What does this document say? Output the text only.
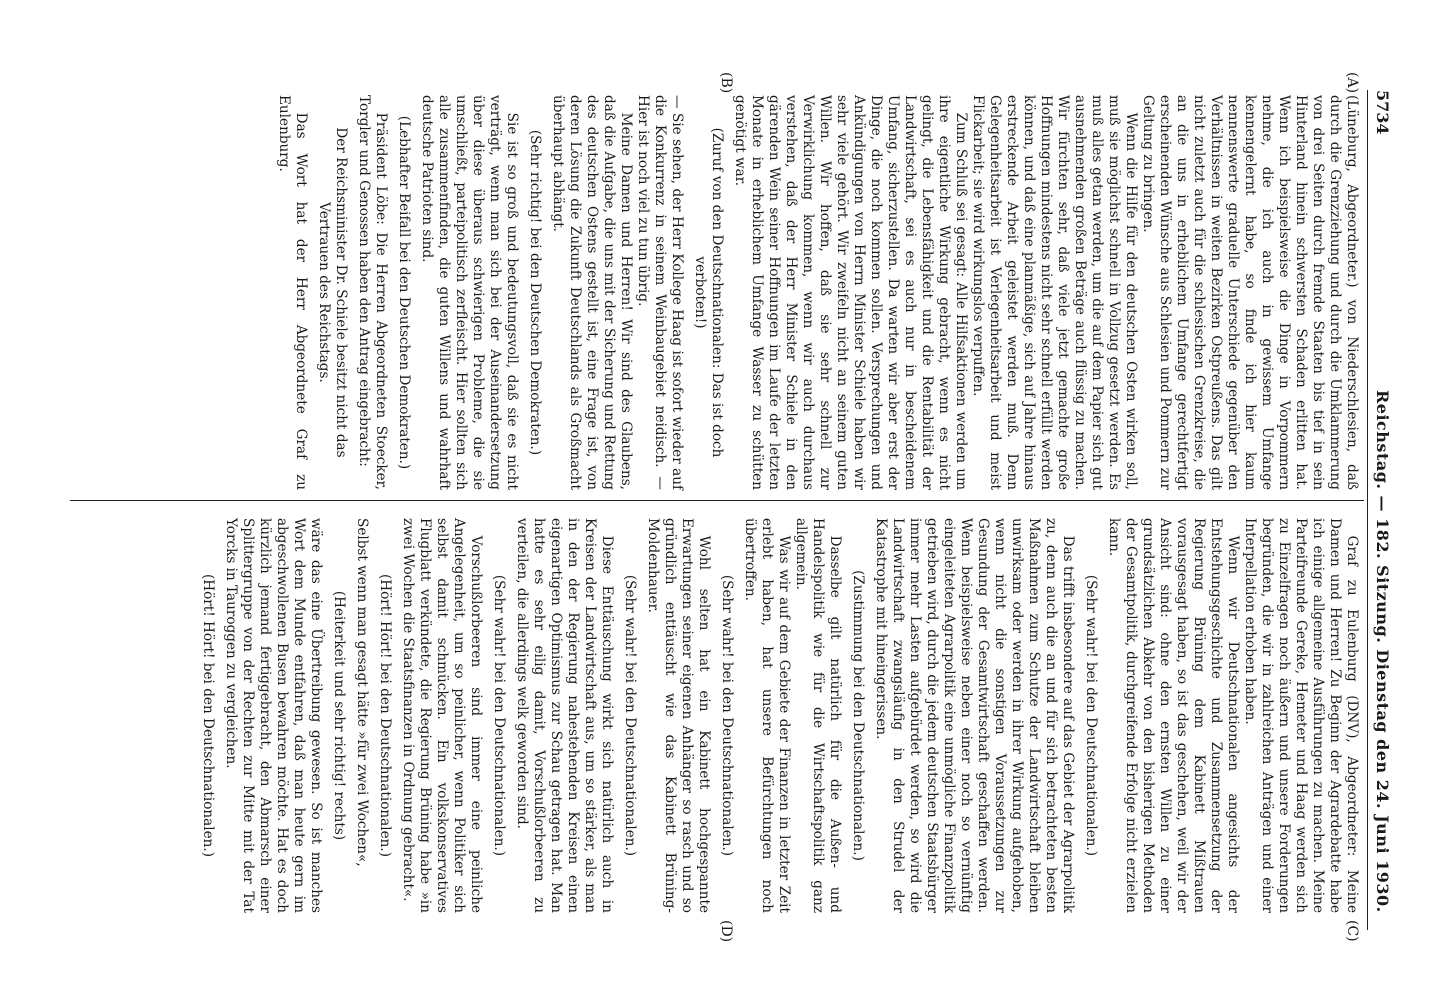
5734
Reichstag. — 182. Sitzung. Dienstag den 24. Juni 1930.
(A)
(B)
(C)
(D)

(Lüneburg, Abgeordneter.) von Niederschlesien, daß durch die Grenzziehung und durch die Umklammerung von drei Seiten durch fremde Staaten bis tief in sein Hinterland hinein schwersten Schaden erlitten hat. Wenn ich beispielsweise die Dinge in Vorpommern nehme, die ich auch in gewissem Umfange kennengelernt habe, so finde ich hier kaum nennenswerte graduelle Unterschiede gegenüber den Verhältnissen in weiten Bezirken Ostpreußens. Das gilt nicht zuletzt auch für die schlesischen Grenzkreise, die an die uns in erheblichem Umfange gerechtfertigt erscheinenden Wünsche aus Schlesien und Pommern zur Geltung zu bringen.

Wenn die Hilfe für den deutschen Osten wirken soll, muß sie möglichst schnell in Vollzug gesetzt werden. Es muß alles getan werden, um die auf dem Papier sich gut ausnehmenden großen Beträge auch flüssig zu machen. Wir fürchten sehr, daß viele jetzt gemachte große Hoffnungen mindestens nicht sehr schnell erfüllt werden können, und daß eine planmäßige, sich auf Jahre hinaus erstreckende Arbeit geleistet werden muß. Denn Gelegenheitsarbeit ist Verlegenheitsarbeit und meist Flickarbeit; sie wird wirkungslos verpuffen.

Zum Schluß sei gesagt: Alle Hilfsaktionen werden um ihre eigentliche Wirkung gebracht, wenn es nicht gelingt, die Lebensfähigkeit und die Rentabilität der Landwirtschaft, sei es auch nur in bescheidenem Umfang, sicherzustellen. Da warten wir aber erst der Dinge, die noch kommen sollen. Versprechungen und Ankündigungen von Herrn Minister Schiele haben wir sehr viele gehört. Wir zweifeln nicht an seinem guten Willen. Wir hoffen, daß sie sehr schnell zur Verwirklichung kommen, wenn wir auch durchaus verstehen, daß der Herr Minister Schiele in den gärenden Wein seiner Hoffnungen im Laufe der letzten Monate in erheblichem Umfange Wasser zu schütten genötigt war.

(Zuruf von den Deutschnationalen: Das ist doch verboten!)

— Sie sehen, der Herr Kollege Haag ist sofort wieder auf die Konkurrenz in seinem Weinbaugebiet neidisch. — Hier ist noch viel zu tun übrig.

Meine Damen und Herren! Wir sind des Glaubens, daß die Aufgabe, die uns mit der Sicherung und Rettung des deutschen Ostens gestellt ist, eine Frage ist, von deren Lösung die Zukunft Deutschlands als Großmacht überhaupt abhängt.

(Sehr richtig! bei den Deutschen Demokraten.)

Sie ist so groß und bedeutungsvoll, daß sie es nicht verträgt, wenn man sich bei der Auseinandersetzung über diese überaus schwierigen Probleme, die sie umschließt, parteipolitisch zerfleischt. Hier sollten sich alle zusammenfinden, die guten Willens und wahrhaft deutsche Patrioten sind.

(Lebhafter Beifall bei den Deutschen Demokraten.)

Präsident Löbe: Die Herren Abgeordneten Stoecker, Torgler und Genossen haben den Antrag eingebracht:

Der Reichsminister Dr. Schiele besitzt nicht das Vertrauen des Reichstags.

Das Wort hat der Herr Abgeordnete Graf zu Eulenburg.

Graf zu Eulenburg (DNV), Abgeordneter: Meine Damen und Herren! Zu Beginn der Agrardebatte habe ich einige allgemeine Ausführungen zu machen. Meine Parteifreunde Gereke, Hemeter und Haag werden sich zu Einzelfragen noch äußern und unsere Forderungen begründen, die wir in zahlreichen Anträgen und einer Interpellation erhoben haben.

Wenn wir Deutschnationalen angesichts der Entstehungsgeschichte und Zusammensetzung der Regierung Brüning dem Kabinett Mißtrauen vorausgesagt haben, so ist das geschehen, weil wir der Ansicht sind: ohne den ernsten Willen zu einer grundsätzlichen Abkehr von den bisherigen Methoden der Gesamtpolitik, durchgreifende Erfolge nicht erzielen kann.

(Sehr wahr! bei den Deutschnationalen.)

Das trifft insbesondere auf das Gebiet der Agrarpolitik zu, denn auch die an und für sich betrachteten besten Maßnahmen zum Schutze der Landwirtschaft bleiben unwirksam oder werden in ihrer Wirkung aufgehoben, wenn nicht die sonstigen Voraussetzungen zur Gesundung der Gesamtwirtschaft geschaffen werden. Wenn beispielsweise neben einer noch so vernünftig eingeleiteten Agrarpolitik eine unmögliche Finanzpolitik getrieben wird, durch die jedem deutschen Staatsbürger immer mehr Lasten aufgebürdet werden, so wird die Landwirtschaft zwangsläufig in den Strudel der Katastrophe mit hineingerissen.

(Zustimmung bei den Deutschnationalen.)

Dasselbe gilt natürlich für die Außen- und Handelspolitik wie für die Wirtschaftspolitik ganz allgemein.

Was wir auf dem Gebiete der Finanzen in letzter Zeit erlebt haben, hat unsere Befürchtungen noch übertroffen.

(Sehr wahr! bei den Deutschnationalen.)

Wohl selten hat ein Kabinett hochgespannte Erwartungen seiner eigenen Anhänger so rasch und so gründlich enttäuscht wie das Kabinett Brüning-Moldenhauer.

(Sehr wahr! bei den Deutschnationalen.)

Diese Enttäuschung wirkt sich natürlich auch in Kreisen der Landwirtschaft aus, um so stärker, als man in den der Regierung nahestehenden Kreisen einen eigenartigen Optimismus zur Schau getragen hat. Man hatte es sehr eilig damit, Vorschußlorbeeren zu verteilen, die allerdings welk geworden sind.

(Sehr wahr! bei den Deutschnationalen.)

Vorschußlorbeeren sind immer eine peinliche Angelegenheit, um so peinlicher, wenn Politiker sich selbst damit schmücken. Ein volkskonservatives Flugblatt verkündete, die Regierung Brüning habe »in zwei Wochen die Staatsfinanzen in Ordnung gebracht«.

(Hört! Hört! bei den Deutschnationalen.)

Selbst wenn man gesagt hätte »für zwei Wochen«,

(Heiterkeit und sehr richtig! rechts)

wäre das eine Übertreibung gewesen. So ist manches Wort dem Munde entfahren, daß man heute gern im abgeschwollenen Busen bewahren möchte. Hat es doch kürzlich jemand fertiggebracht, den Abmarsch einer Splittergruppe von der Rechten zur Mitte mit der Tat Yorcks in Tauroggen zu vergleichen.

(Hört! Hört! bei den Deutschnationalen.)
